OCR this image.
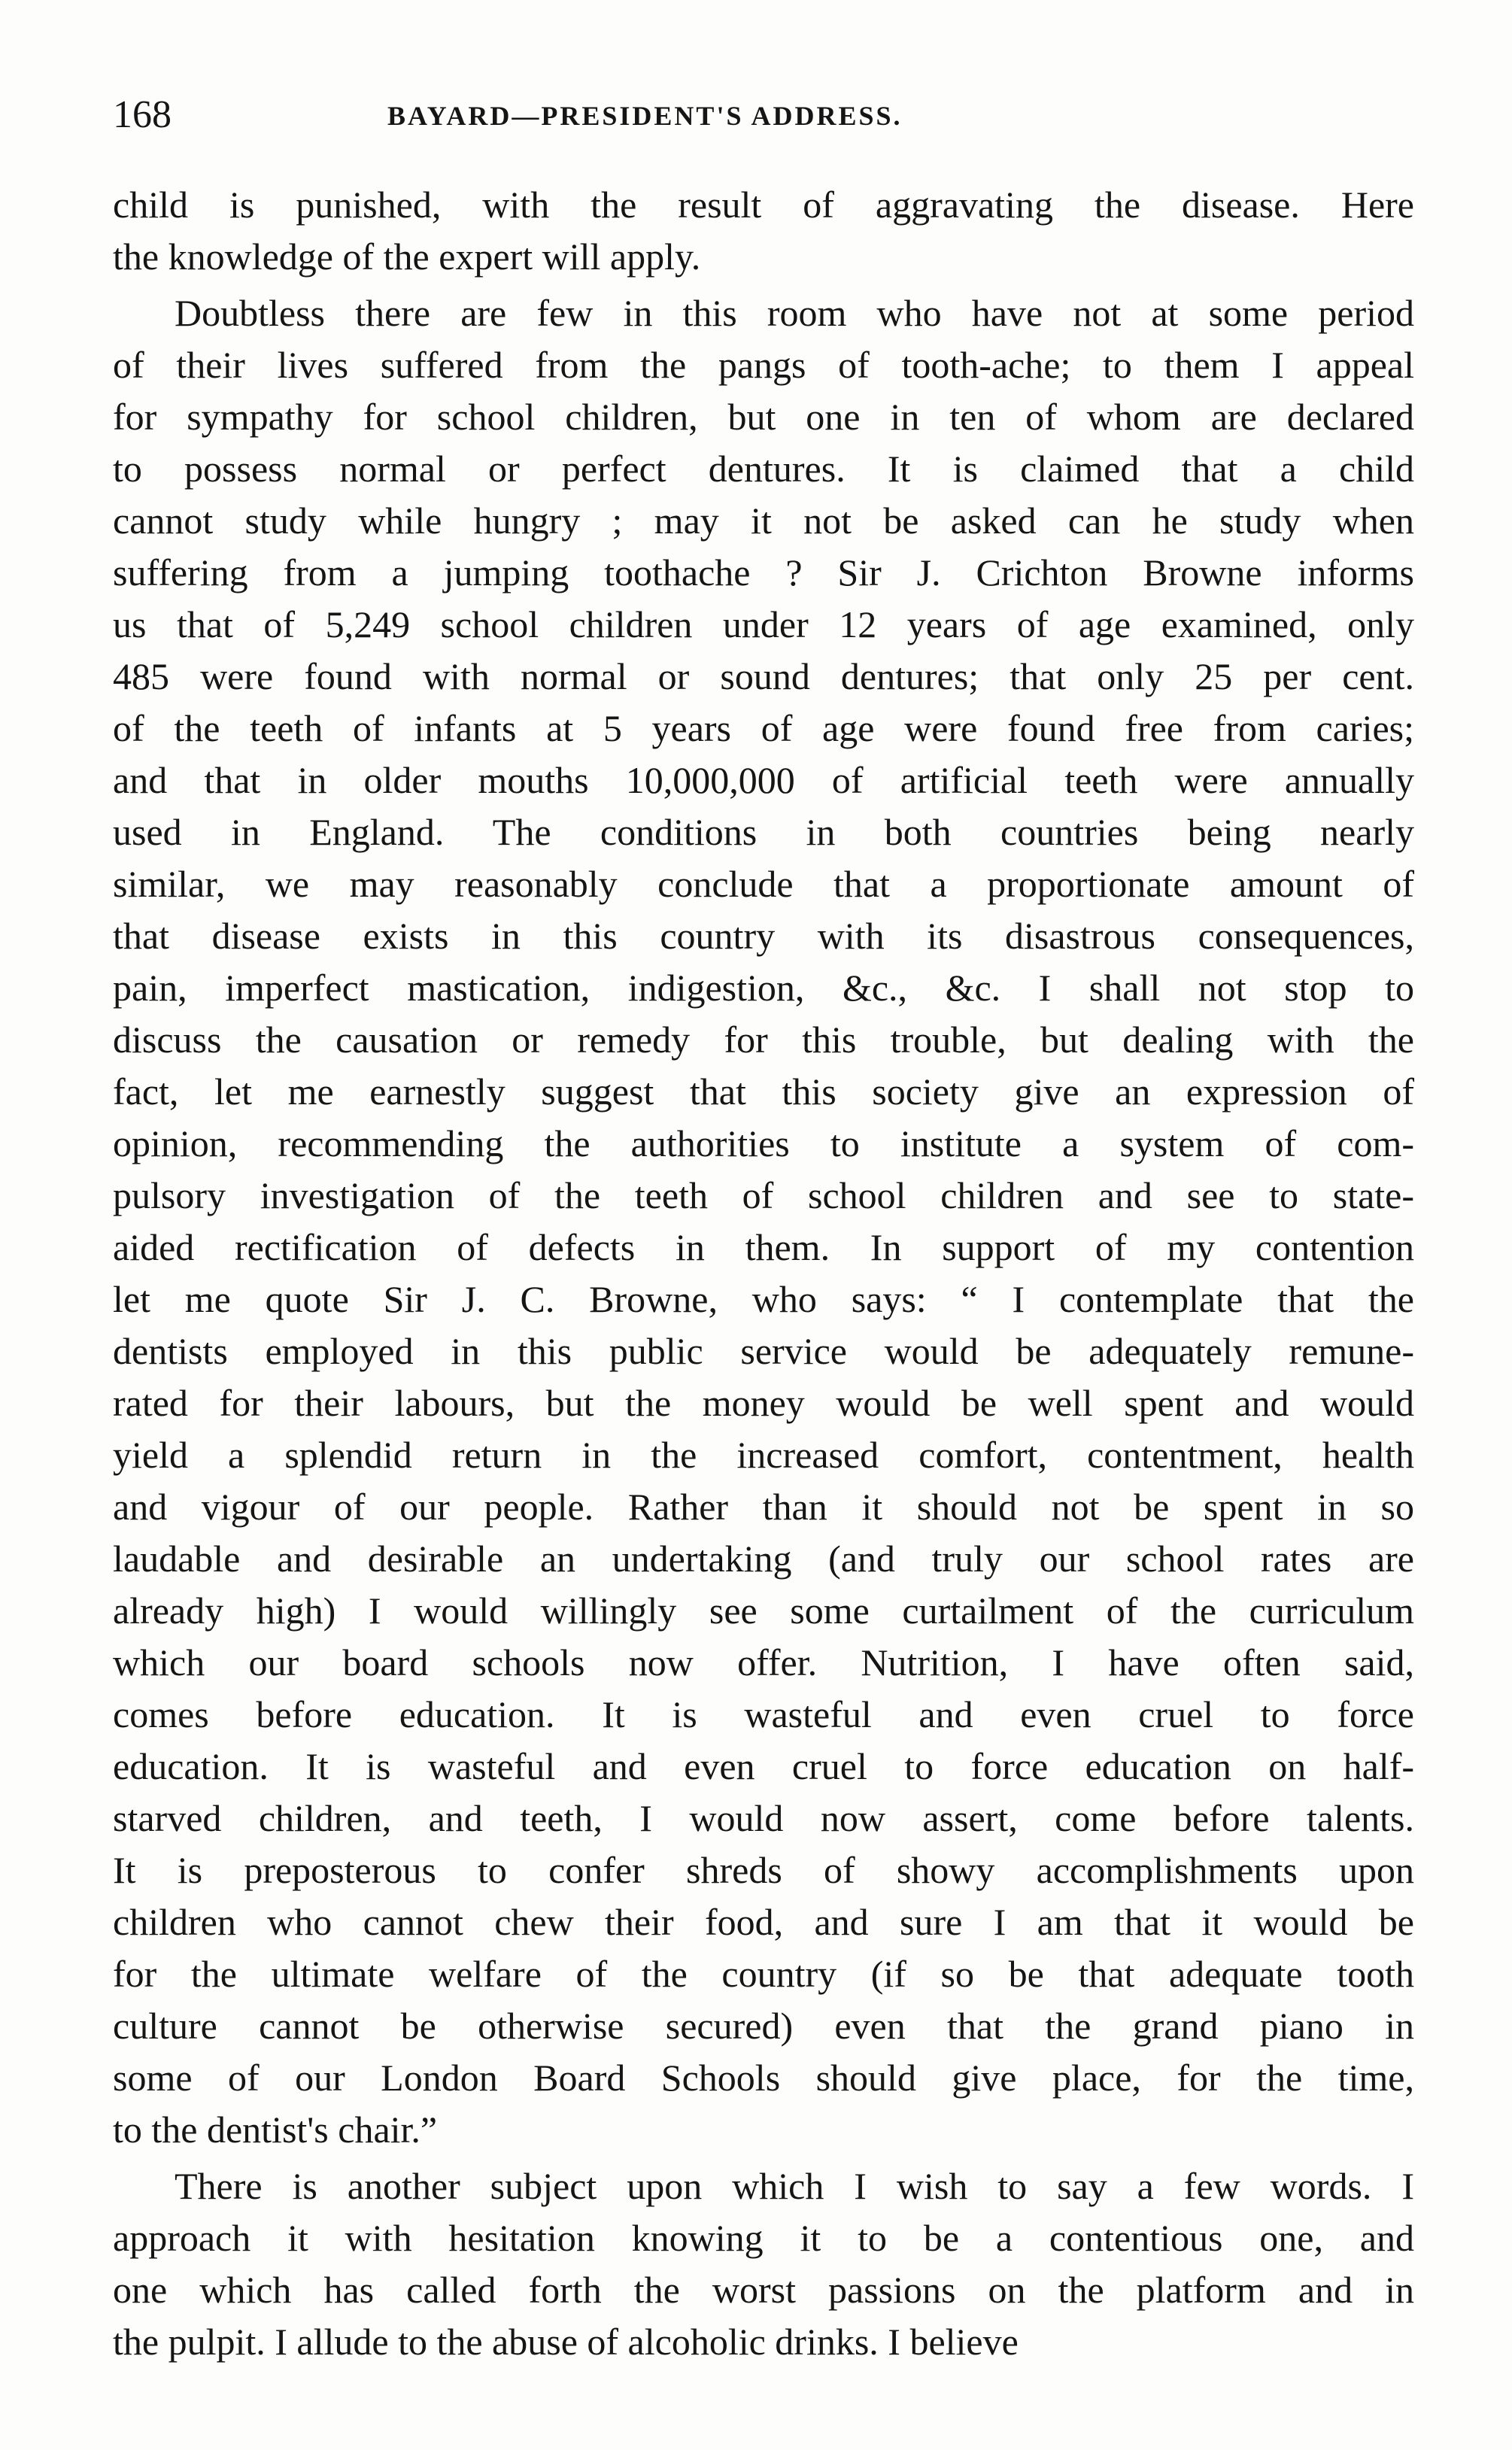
168	BAYARD—PRESIDENT'S ADDRESS.
child is punished, with the result of aggravating the disease. Here
the knowledge of the expert will apply.
Doubtless there are few in this room who have not at some period
of their lives suffered from the pangs of tooth-ache; to them I appeal
for sympathy for school children, but one in ten of whom are declared
to possess normal or perfect dentures. It is claimed that a child
cannot study while hungry ; may it not be asked can he study when
suffering from a jumping toothache ? Sir J. Crichton Browne informs
us that of 5,249 school children under 12 years of age examined, only
485 were found with normal or sound dentures; that only 25 per cent.
of the teeth of infants at 5 years of age were found free from caries;
and that in older mouths 10,000,000 of artificial teeth were annually
used in England. The conditions in both countries being nearly
similar, we may reasonably conclude that a proportionate amount of
that disease exists in this country with its disastrous consequences,
pain, imperfect mastication, indigestion, &c., &c. I shall not stop to
discuss the causation or remedy for this trouble, but dealing with the
fact, let me earnestly suggest that this society give an expression of
opinion, recommending the authorities to institute a system of com-
pulsory investigation of the teeth of school children and see to state-
aided rectification of defects in them. In support of my contention
let me quote Sir J. C. Browne, who says: “ I contemplate that the
dentists employed in this public service would be adequately remune-
rated for their labours, but the money would be well spent and would
yield a splendid return in the increased comfort, contentment, health
and vigour of our people. Rather than it should not be spent in so
laudable and desirable an undertaking (and truly our school rates are
already high) I would willingly see some curtailment of the curriculum
which our board schools now offer. Nutrition, I have often said,
comes before education. It is wasteful and even cruel to force
education. It is wasteful and even cruel to force education on half-
starved children, and teeth, I would now assert, come before talents.
It is preposterous to confer shreds of showy accomplishments upon
children who cannot chew their food, and sure I am that it would be
for the ultimate welfare of the country (if so be that adequate tooth
culture cannot be otherwise secured) even that the grand piano in
some of our London Board Schools should give place, for the time,
to the dentist's chair.”
There is another subject upon which I wish to say a few words. I
approach it with hesitation knowing it to be a contentious one, and
one which has called forth the worst passions on the platform and in
the pulpit. I allude to the abuse of alcoholic drinks. I believe
